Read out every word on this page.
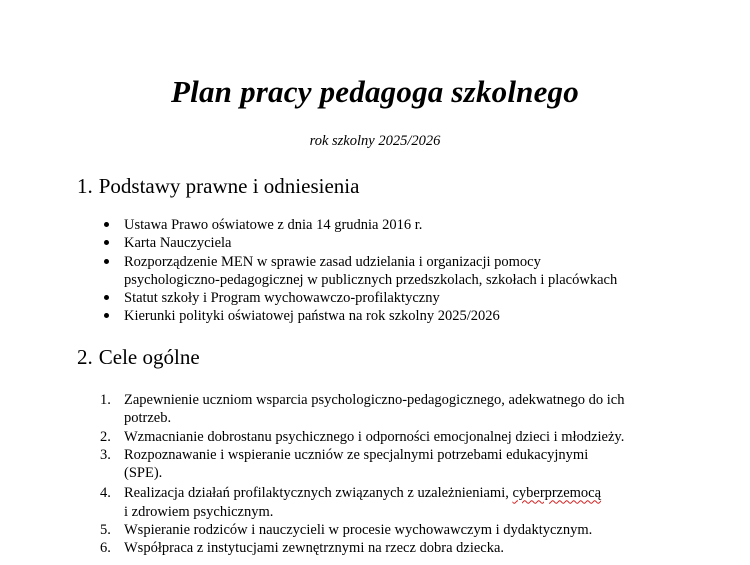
Plan pracy pedagoga szkolnego

rok szkolny 2025/2026

1. Podstawy prawne i odniesienia
Ustawa Prawo oświatowe z dnia 14 grudnia 2016 r.
Karta Nauczyciela
Rozporządzenie MEN w sprawie zasad udzielania i organizacji pomocy
psychologiczno-pedagogicznej w publicznych przedszkolach, szkołach i placówkach
Statut szkoły i Program wychowawczo-profilaktyczny
Kierunki polityki oświatowej państwa na rok szkolny 2025/2026
2. Cele ogólne
1. Zapewnienie uczniom wsparcia psychologiczno-pedagogicznego, adekwatnego do ich
potrzeb.
2. Wzmacnianie dobrostanu psychicznego i odporności emocjonalnej dzieci i młodzieży.
3. Rozpoznawanie i wspieranie uczniów ze specjalnymi potrzebami edukacyjnymi
(SPE).
4. Realizacja działań profilaktycznych związanych z uzależnieniami, cyberprzemocą
i zdrowiem psychicznym.
5. Wspieranie rodziców i nauczycieli w procesie wychowawczym i dydaktycznym.
6. Współpraca z instytucjami zewnętrznymi na rzecz dobra dziecka.
